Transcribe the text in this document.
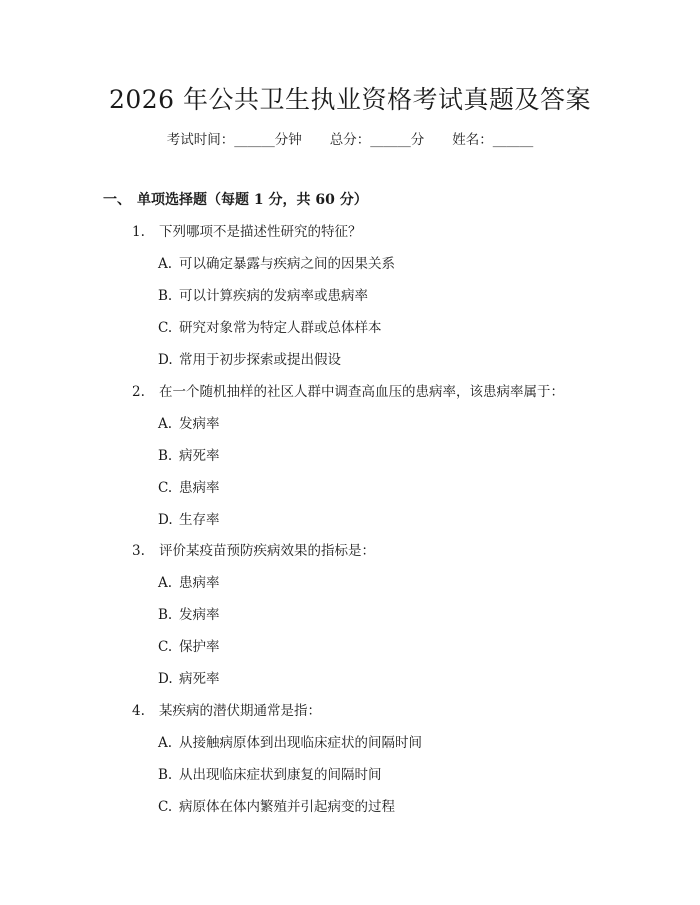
2026 年公共卫生执业资格考试真题及答案
考试时间：______分钟 总分：______分 姓名：______
一、 单项选择题（每题 1 分，共 60 分）
1. 下列哪项不是描述性研究的特征？
A. 可以确定暴露与疾病之间的因果关系
B. 可以计算疾病的发病率或患病率
C. 研究对象常为特定人群或总体样本
D. 常用于初步探索或提出假设
2. 在一个随机抽样的社区人群中调查高血压的患病率，该患病率属于：
A. 发病率
B. 病死率
C. 患病率
D. 生存率
3. 评价某疫苗预防疾病效果的指标是：
A. 患病率
B. 发病率
C. 保护率
D. 病死率
4. 某疾病的潜伏期通常是指：
A. 从接触病原体到出现临床症状的间隔时间
B. 从出现临床症状到康复的间隔时间
C. 病原体在体内繁殖并引起病变的过程
